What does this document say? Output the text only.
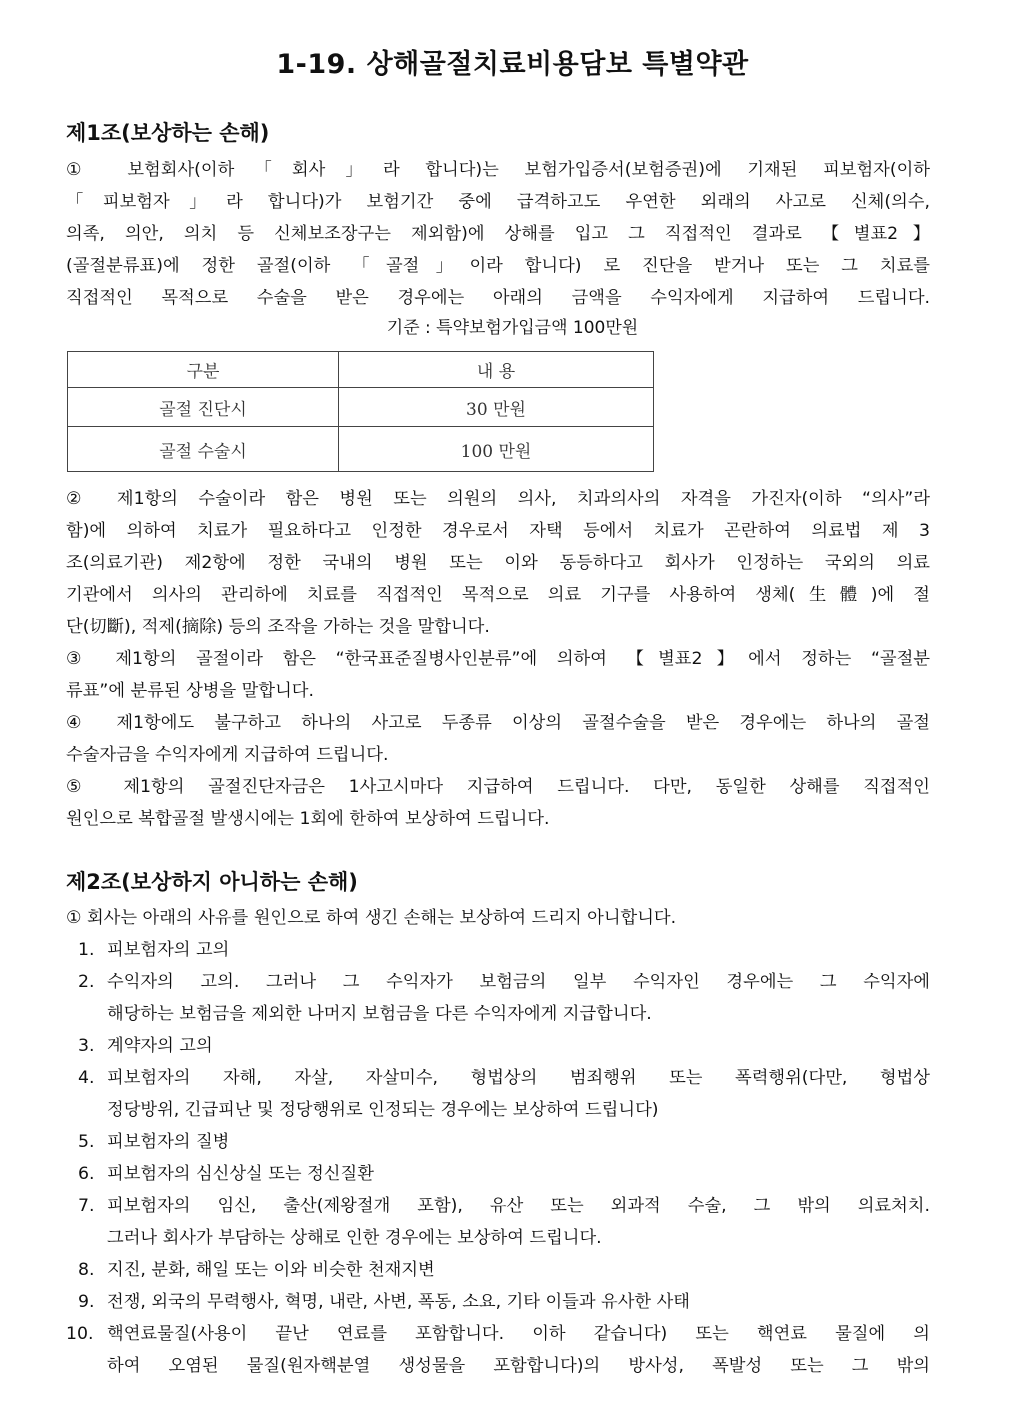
1-19. 상해골절치료비용담보 특별약관
제1조(보상하는 손해)
① 보험회사(이하「회사」라 합니다)는 보험가입증서(보험증권)에 기재된 피보험자(이하
「피보험자」라 합니다)가 보험기간 중에 급격하고도 우연한 외래의 사고로 신체(의수,
의족, 의안, 의치 등 신체보조장구는 제외함)에 상해를 입고 그 직접적인 결과로 【별표2】
(골절분류표)에 정한 골절(이하 「골절」이라 합니다) 로 진단을 받거나 또는 그 치료를
직접적인 목적으로 수술을 받은 경우에는 아래의 금액을 수익자에게 지급하여 드립니다.
기준 : 특약보험가입금액 100만원
구분	내 용
골절 진단시	30 만원
골절 수술시	100 만원
② 제1항의 수술이라 함은 병원 또는 의원의 의사, 치과의사의 자격을 가진자(이하 “의사”라
함)에 의하여 치료가 필요하다고 인정한 경우로서 자택 등에서 치료가 곤란하여 의료법 제 3
조(의료기관) 제2항에 정한 국내의 병원 또는 이와 동등하다고 회사가 인정하는 국외의 의료
기관에서 의사의 관리하에 치료를 직접적인 목적으로 의료 기구를 사용하여 생체(生體)에 절
단(切斷), 적제(摘除) 등의 조작을 가하는 것을 말합니다.
③ 제1항의 골절이라 함은 “한국표준질병사인분류”에 의하여 【별표2】에서 정하는 “골절분
류표”에 분류된 상병을 말합니다.
④ 제1항에도 불구하고 하나의 사고로 두종류 이상의 골절수술을 받은 경우에는 하나의 골절
수술자금을 수익자에게 지급하여 드립니다.
⑤ 제1항의 골절진단자금은 1사고시마다 지급하여 드립니다. 다만, 동일한 상해를 직접적인
원인으로 복합골절 발생시에는 1회에 한하여 보상하여 드립니다.
제2조(보상하지 아니하는 손해)
① 회사는 아래의 사유를 원인으로 하여 생긴 손해는 보상하여 드리지 아니합니다.
1. 피보험자의 고의
2. 수익자의 고의. 그러나 그 수익자가 보험금의 일부 수익자인 경우에는 그 수익자에
해당하는 보험금을 제외한 나머지 보험금을 다른 수익자에게 지급합니다.
3. 계약자의 고의
4. 피보험자의 자해, 자살, 자살미수, 형법상의 범죄행위 또는 폭력행위(다만, 형법상
정당방위, 긴급피난 및 정당행위로 인정되는 경우에는 보상하여 드립니다)
5. 피보험자의 질병
6. 피보험자의 심신상실 또는 정신질환
7. 피보험자의 임신, 출산(제왕절개 포함), 유산 또는 외과적 수술, 그 밖의 의료처치.
그러나 회사가 부담하는 상해로 인한 경우에는 보상하여 드립니다.
8. 지진, 분화, 해일 또는 이와 비슷한 천재지변
9. 전쟁, 외국의 무력행사, 혁명, 내란, 사변, 폭동, 소요, 기타 이들과 유사한 사태
10. 핵연료물질(사용이 끝난 연료를 포함합니다. 이하 같습니다) 또는 핵연료 물질에 의
하여 오염된 물질(원자핵분열 생성물을 포함합니다)의 방사성, 폭발성 또는 그 밖의
